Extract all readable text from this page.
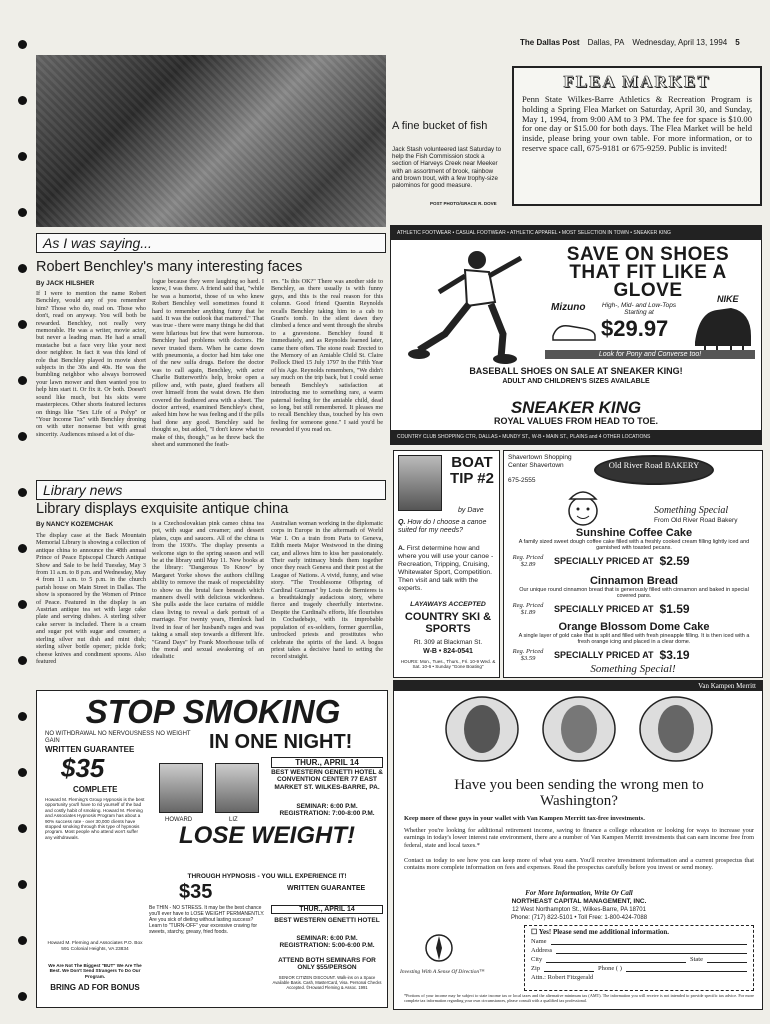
The Dallas Post Dallas, PA Wednesday, April 13, 1994 5
A fine bucket of fish
Jack Stash volunteered last Saturday to help the Fish Commission stock a section of Harveys Creek near Meeker with an assortment of brook, rainbow and brown trout, with a few trophy-size palominos for good measure.
POST PHOTO/GRACE R. DOVE
FLEA MARKET

Penn State Wilkes-Barre Athletics & Recreation Program is holding a Spring Flea Market on Saturday, April 30, and Sunday, May 1, 1994, from 9:00 AM to 3 PM. The fee for space is $10.00 for one day or $15.00 for both days. The Flea Market will be held inside, please bring your own table. For more information, or to reserve space call, 675-9181 or 675-9259. Public is invited!

As I was saying...
Robert Benchley's many interesting faces
By JACK HILSHER
If I were to mention the name Robert Benchley, would any of you remember him? Those who do, read on. Those who don't, read on anyway. You will both be rewarded. Benchley, not really very memorable. He was a writer, movie actor, but never a leading man. He had a small mustache but a face very like your next door neighbor. In fact it was this kind of role that Benchley played in movie short subjects in the 30s and 40s. He was the bumbling neighbor who always borrowed your lawn mower and then wanted you to help him start it. Or fix it. Or both. Doesn't sound like much, but his skits were masterpieces. Other shorts featured lectures on things like "Sex Life of a Polyp" or "Your Income Tax" with Benchley droning on with utter nonsense but with great sincerity. Audiences missed a lot of dia-
logue because they were laughing so hard. I know, I was there. A friend said that, "while he was a humorist, those of us who knew Robert Benchley well sometimes found it hard to remember anything funny that he said. It was the outlook that mattered." That was true - there were many things he did that were hilarious but few that were humorous. Benchley had problems with doctors. He never trusted them. When he came down with pneumonia, a doctor had him take one of the new sulfa drugs. Before the doctor was to call again, Benchley, with actor Charlie Butterworth's help, broke open a pillow and, with paste, glued feathers all over himself from the waist down. He then covered the feathered area with a sheet. The doctor arrived, examined Benchley's chest, asked him how he was feeling and if the pills had done any good. Benchley said he thought so, but added, "I don't know what to make of this, though," as he threw back the sheet and summoned the feath-
ers. "Is this OK?" There was another side to Benchley, as there usually is with funny guys, and this is the real reason for this column. Good friend Quentin Reynolds recalls Benchley taking him to a cab to Grant's tomb. In the silent dawn they climbed a fence and went through the shrubs to a gravestone. Benchley found it immediately, and as Reynolds learned later, came there often. The stone read: Erected to the Memory of an Amiable Child St. Claire Pollock Died 15 July 1797 In the Fifth Year of his Age. Reynolds remembers, "We didn't say much on the trip back, but I could sense beneath Benchley's satisfaction at introducing me to something rare, a warm paternal feeling for the amiable child, dead so long, but still remembered. It pleases me to recall Benchley thus, touched by his own feeling for someone gone." I said you'd be rewarded if you read on.
Library news
Library displays exquisite antique china
By NANCY KOZEMCHAK
The display case at the Back Mountain Memorial Library is showing a collection of antique china to announce the 48th annual Prince of Peace Episcopal Church Antique Show and Sale to be held Tuesday, May 3 from 11 a.m. to 8 p.m. and Wednesday, May 4 from 11 a.m. to 5 p.m. in the church parish house on Main Street in Dallas. The show is sponsored by the Women of Prince of Peace. Featured in the display is an Austrian antique tea set with large cake plate and serving dishes. A sterling silver cake server is included. There is a cream and sugar pot with sugar and creamer; a sterling silver nut dish and mint dish; sterling silver bottle opener; pickle fork; cheese knives and condiment spoons. Also featured
is a Czechoslovakian pink cameo china tea pot, with sugar and creamer; and dessert plates, cups and saucers. All of the china is from the 1930's. The display presents a welcome sign to the spring season and will be at the library until May 11. New books at the library: "Dangerous To Know" by Margaret Yorke shows the authors chilling ability to remove the mask of respectability to show us the brutal face beneath which manners dwell with delicious wickedness. She pulls aside the lace curtains of middle class living to reveal a dark portrait of a marriage. For twenty years, Hemlock had lived in fear of her husband's rages and was taking a small step towards a different life. "Grand Days" by Frank Moorhouse tells of the moral and sexual awakening of an idealistic
Australian woman working in the diplomatic corps in Europe in the aftermath of World War I. On a train from Paris to Geneva, Edith meets Major Westwood in the dining car, and allows him to kiss her passionately. Their early intimacy binds them together once they reach Geneva and their post at the League of Nations. A vivid, funny, and wise story. "The Troublesome Offspring of Cardinal Guzman" by Louis de Bernieres is a breathtakingly audacious story, where fierce and tragedy cheerfully intertwine. Despite the Cardinal's efforts, life flourishes in Cochadebajo, with its improbable population of ex-soldiers, former guerrillas, unfrocked priests and prostitutes who celebrate the spirits of the land. A bogus priest takes a decisive hand to setting the record straight.
ATHLETIC FOOTWEAR • CASUAL FOOTWEAR • ATHLETIC APPAREL • MOST SELECTION IN TOWN • SNEAKER KING
SAVE ON SHOES THAT FIT LIKE A GLOVE
Mizuno
NIKE
High-, Mid- and Low-Tops Starting at
$29.97
Look for Pony and Converse too!
BASEBALL SHOES ON SALE AT SNEAKER KING!
ADULT AND CHILDREN'S SIZES AVAILABLE
SNEAKER KING
ROYAL VALUES FROM HEAD TO TOE.
COUNTRY CLUB SHOPPING CTR, DALLAS • MUNDY ST., W-B • MAIN ST., PLAINS and 4 OTHER LOCATIONS
BOAT TIP #2
by Dave
Q. How do I choose a canoe suited for my needs?
A. First determine how and where you will use your canoe - Recreation, Tripping, Cruising, Whitewater Sport, Competition. Then visit and talk with the experts.
LAYAWAYS ACCEPTED
COUNTRY SKI & SPORTS
Rt. 309 at Blackman St.
W-B • 824-0541
HOURS: Mon., Tues., Thurs., Fri. 10-9 Wed. & Sat. 10-6 • Sunday "Gone Boating"
Shavertown Shopping Center Shavertown
675-2555
Old River Road BAKERY
Something Special
From Old River Road Bakery
Sunshine Coffee Cake
A family sized sweet dough coffee cake filled with a freshly cooked cream filling lightly iced and garnished with toasted pecans.
Reg. Priced
$2.89	SPECIALLY PRICED AT $2.59
Cinnamon Bread
Our unique round cinnamon bread that is generously filled with cinnamon and baked in special covered pans.
Reg. Priced
$1.89	SPECIALLY PRICED AT $1.59
Orange Blossom Dome Cake
A single layer of gold cake that is split and filled with fresh pineapple filling. It is then iced with a fresh orange icing and placed in a clear dome.
Reg. Priced
$3.59	SPECIALLY PRICED AT $3.19
Something Special!
STOP SMOKING
NO WITHDRAWAL NO NERVOUSNESS NO WEIGHT GAIN	IN ONE NIGHT!
WRITTEN GUARANTEE
$35
COMPLETE
Howard M. Fleming's Group Hypnosis is the best opportunity you'll have to rid yourself of the bad and costly habit of smoking. Howard M. Fleming and Associates Hypnosis Program has about a 90% success rate - over 30,000 clients have stopped smoking through this type of hypnosis program. Most people who attend won't suffer any withdrawals.
Howard M. Fleming and Associates P.O. Box 591 Colonial Heights, VA 23834
We Are Not The Biggest "BUT" We Are The Best. We Don't Send Strangers To Do Our Program.
BRING AD FOR BONUS
HOWARD	LIZ
THUR., APRIL 14
BEST WESTERN GENETTI HOTEL & CONVENTION CENTER 77 EAST MARKET ST. WILKES-BARRE, PA.
SEMINAR: 6:00 P.M. REGISTRATION: 7:00-8:00 P.M.
LOSE WEIGHT!
THROUGH HYPNOSIS - YOU WILL EXPERIENCE IT!
$35	WRITTEN GUARANTEE
Be THIN - NO STRESS. It may be the best chance you'll ever have to LOSE WEIGHT PERMANENTLY. Are you sick of dieting without lasting success? Learn to "TURN-OFF" your excessive craving for sweets, starchy, greasy, fried foods.
THUR., APRIL 14
BEST WESTERN GENETTI HOTEL
SEMINAR: 6:00 P.M. REGISTRATION: 5:00-6:00 P.M.
ATTEND BOTH SEMINARS FOR ONLY $55/PERSON
SENIOR CITIZEN DISCOUNT. Walk-ins on a Space Available Basis. Cash, MasterCard, Visa. Personal Checks Accepted. ©Howard Fleming & Assoc. 1991
Van Kampen Merritt
Have you been sending the wrong men to Washington?
Keep more of these guys in your wallet with Van Kampen Merritt tax-free investments.
Whether you're looking for additional retirement income, saving to finance a college education or looking for ways to increase your earnings in today's lower interest rate environment, there are a number of Van Kampen Merritt investments that can earn income free from federal, state and local taxes.*
Contact us today to see how you can keep more of what you earn. You'll receive investment information and a current prospectus that contains more complete information on fees and expenses. Read the prospectus carefully before you invest or send money.
For More Information, Write Or Call
NORTHEAST CAPITAL MANAGEMENT, INC.
12 West Northampton St., Wilkes-Barre, PA 18701
Phone: (717) 822-5101 • Toll Free: 1-800-424-7088
☐ Yes! Please send me additional information.
Name
Address
City	State
Zip	Phone ( )
Attn.: Robert Fitzgerald
Investing With A Sense Of Direction™
*Portions of your income may be subject to state income tax or local taxes and the alternative minimum tax (AMT). The information you will receive is not intended to provide specific tax advice. For more complete tax information regarding your own circumstances, please consult with a qualified tax professional.
